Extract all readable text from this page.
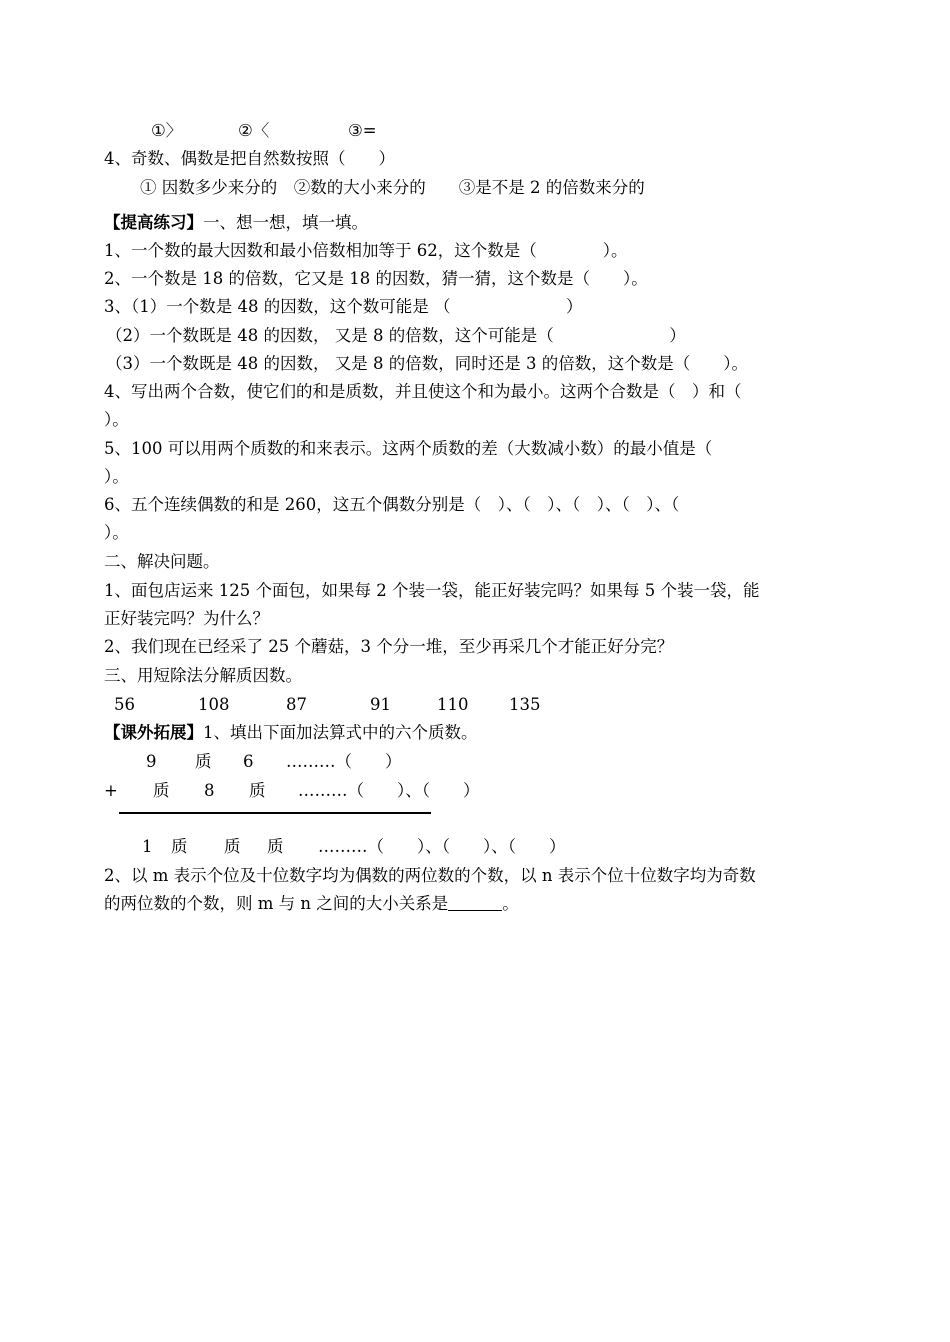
①〉	②〈	③=
4、奇数、偶数是把自然数按照（　　）
① 因数多少来分的　②数的大小来分的　　③是不是 2 的倍数来分的
【提高练习】一、想一想，填一填。
1、一个数的最大因数和最小倍数相加等于 62，这个数是（　　　　）。
2、一个数是 18 的倍数，它又是 18 的因数，猜一猜，这个数是（　　）。
3、（1）一个数是 48 的因数，这个数可能是 （　　　　　　　）
（2）一个数既是 48 的因数， 又是 8 的倍数，这个可能是（　　　　　　　）
（3）一个数既是 48 的因数， 又是 8 的倍数，同时还是 3 的倍数，这个数是（　　）。
4、写出两个合数，使它们的和是质数，并且使这个和为最小。这两个合数是（　）和（
）。
5、100 可以用两个质数的和来表示。这两个质数的差（大数减小数）的最小值是（
）。
6、五个连续偶数的和是 260，这五个偶数分别是（　）、（　）、（　）、（　）、（
）。
二、解决问题。
1、面包店运来 125 个面包，如果每 2 个装一袋，能正好装完吗？如果每 5 个装一袋，能
正好装完吗？为什么？
2、我们现在已经采了 25 个蘑菇，3 个分一堆，至少再采几个才能正好分完？
三、用短除法分解质因数。
56	108	87	91	110 135
【课外拓展】1、填出下面加法算式中的六个质数。
9 质 6 ………（　　）
+ 质 8 质 ………（　　）、（　　）
1 质 质 质 ………（　　）、（　　）、（　　）
2、以 m 表示个位及十位数字均为偶数的两位数的个数，以 n 表示个位十位数字均为奇数
的两位数的个数，则 m 与 n 之间的大小关系是	。
